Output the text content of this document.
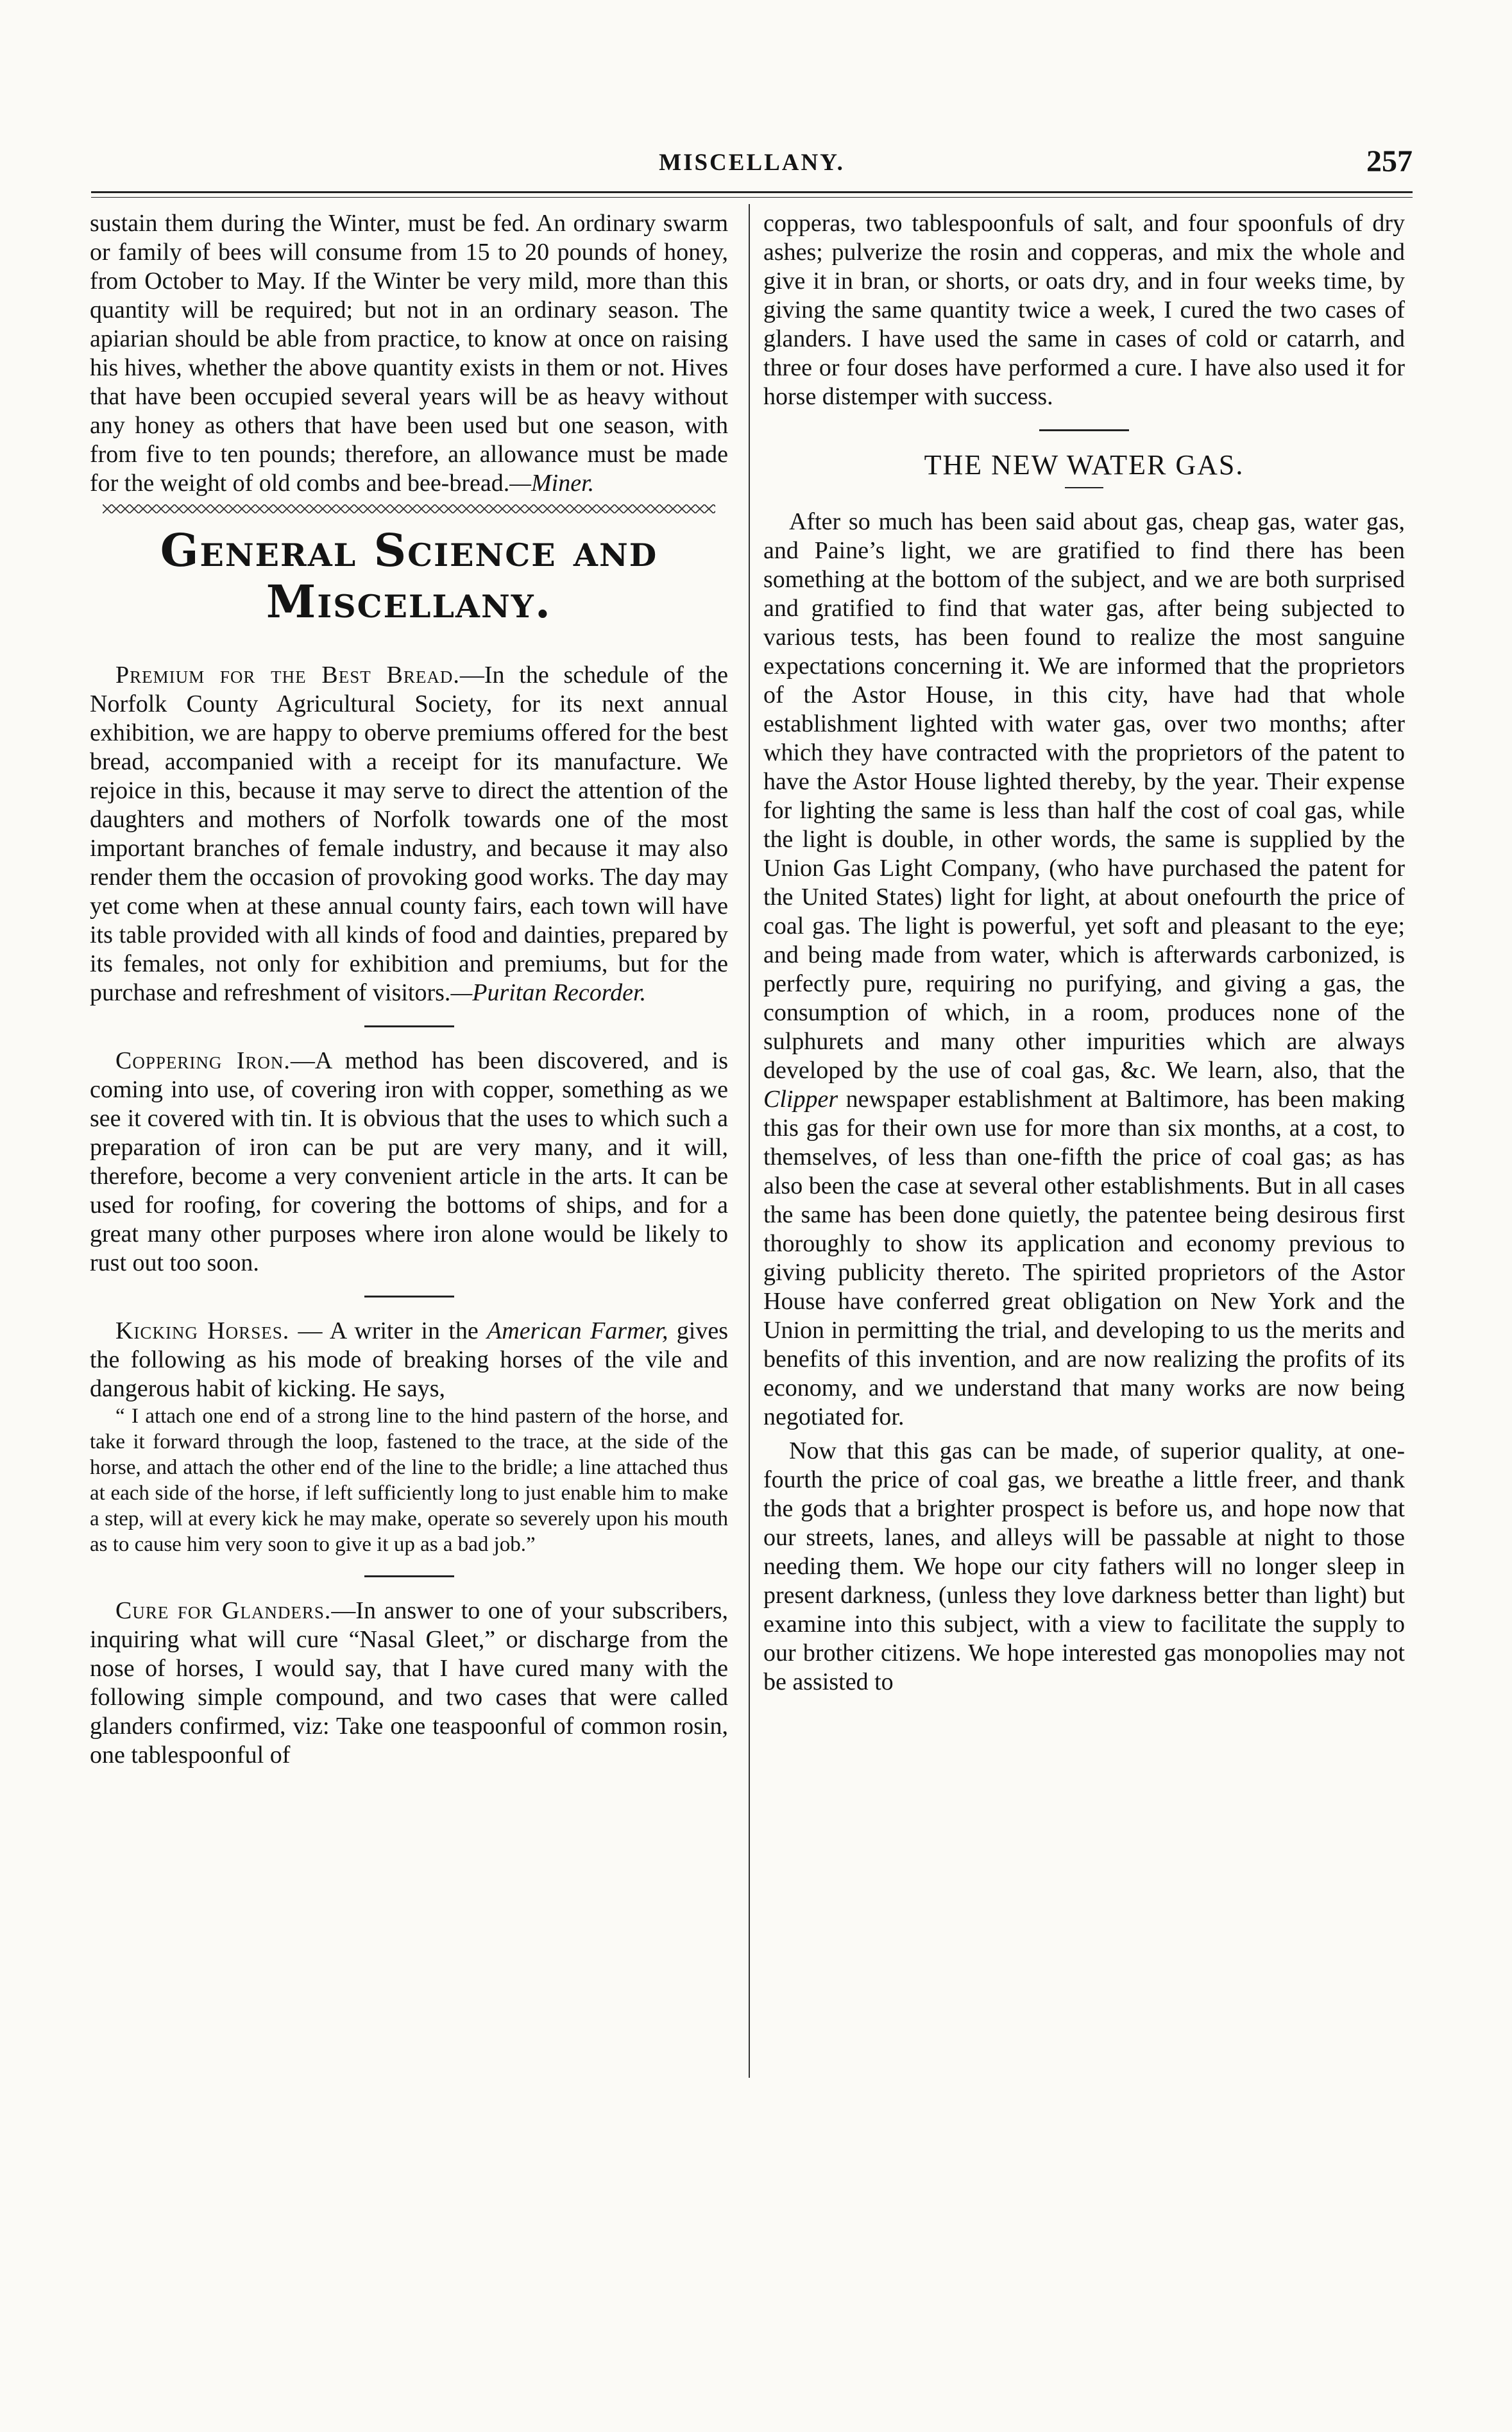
MISCELLANY.	257

sustain them during the Winter, must be fed. An ordinary swarm or family of bees will consume from 15 to 20 pounds of honey, from October to May. If the Winter be very mild, more than this quantity will be required; but not in an ordinary season. The apiarian should be able from practice, to know at once on raising his hives, whether the above quantity exists in them or not. Hives that have been occupied several years will be as heavy without any honey as others that have been used but one season, with from five to ten pounds; therefore, an allowance must be made for the weight of old combs and bee-bread.—Miner.

General Science and Miscellany.

Premium for the Best Bread.—In the schedule of the Norfolk County Agricultural Society, for its next annual exhibition, we are happy to oberve premiums offered for the best bread, accompanied with a receipt for its manufacture. We rejoice in this, because it may serve to direct the attention of the daughters and mothers of Norfolk towards one of the most important branches of female industry, and because it may also render them the occasion of provoking good works. The day may yet come when at these annual county fairs, each town will have its table provided with all kinds of food and dainties, prepared by its females, not only for exhibition and premiums, but for the purchase and refreshment of visitors.—Puritan Recorder.

Coppering Iron.—A method has been discovered, and is coming into use, of covering iron with copper, something as we see it covered with tin. It is obvious that the uses to which such a preparation of iron can be put are very many, and it will, therefore, become a very convenient article in the arts. It can be used for roofing, for covering the bottoms of ships, and for a great many other purposes where iron alone would be likely to rust out too soon.

Kicking Horses. — A writer in the American Farmer, gives the following as his mode of breaking horses of the vile and dangerous habit of kicking. He says,

“ I attach one end of a strong line to the hind pastern of the horse, and take it forward through the loop, fastened to the trace, at the side of the horse, and attach the other end of the line to the bridle; a line attached thus at each side of the horse, if left sufficiently long to just enable him to make a step, will at every kick he may make, operate so severely upon his mouth as to cause him very soon to give it up as a bad job.”

Cure for Glanders.—In answer to one of your subscribers, inquiring what will cure “Nasal Gleet,” or discharge from the nose of horses, I would say, that I have cured many with the following simple compound, and two cases that were called glanders confirmed, viz: Take one teaspoonful of common rosin, one tablespoonful of

copperas, two tablespoonfuls of salt, and four spoonfuls of dry ashes; pulverize the rosin and copperas, and mix the whole and give it in bran, or shorts, or oats dry, and in four weeks time, by giving the same quantity twice a week, I cured the two cases of glanders. I have used the same in cases of cold or catarrh, and three or four doses have performed a cure. I have also used it for horse distemper with success.

THE NEW WATER GAS.

After so much has been said about gas, cheap gas, water gas, and Paine’s light, we are gratified to find there has been something at the bottom of the subject, and we are both surprised and gratified to find that water gas, after being subjected to various tests, has been found to realize the most sanguine expectations concerning it. We are informed that the proprietors of the Astor House, in this city, have had that whole establishment lighted with water gas, over two months; after which they have contracted with the proprietors of the patent to have the Astor House lighted thereby, by the year. Their expense for lighting the same is less than half the cost of coal gas, while the light is double, in other words, the same is supplied by the Union Gas Light Company, (who have purchased the patent for the United States) light for light, at about onefourth the price of coal gas. The light is powerful, yet soft and pleasant to the eye; and being made from water, which is afterwards carbonized, is perfectly pure, requiring no purifying, and giving a gas, the consumption of which, in a room, produces none of the sulphurets and many other impurities which are always developed by the use of coal gas, &c. We learn, also, that the Clipper newspaper establishment at Baltimore, has been making this gas for their own use for more than six months, at a cost, to themselves, of less than one-fifth the price of coal gas; as has also been the case at several other establishments. But in all cases the same has been done quietly, the patentee being desirous first thoroughly to show its application and economy previous to giving publicity thereto. The spirited proprietors of the Astor House have conferred great obligation on New York and the Union in permitting the trial, and developing to us the merits and benefits of this invention, and are now realizing the profits of its economy, and we understand that many works are now being negotiated for.

Now that this gas can be made, of superior quality, at one-fourth the price of coal gas, we breathe a little freer, and thank the gods that a brighter prospect is before us, and hope now that our streets, lanes, and alleys will be passable at night to those needing them. We hope our city fathers will no longer sleep in present darkness, (unless they love darkness better than light) but examine into this subject, with a view to facilitate the supply to our brother citizens. We hope interested gas monopolies may not be assisted to
